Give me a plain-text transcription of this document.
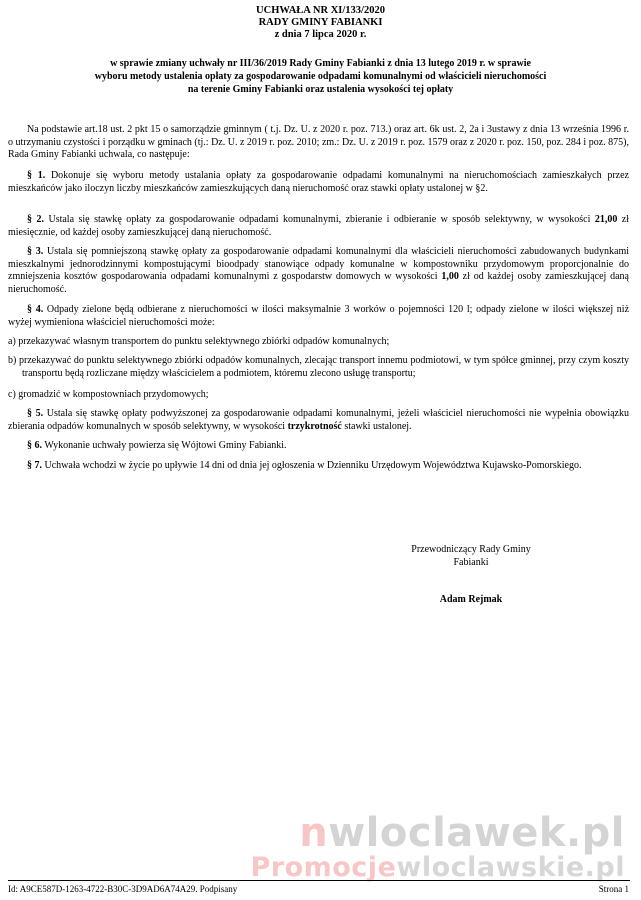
UCHWAŁA NR XI/133/2020
RADY GMINY FABIANKI
z dnia 7 lipca 2020 r.
w sprawie zmiany uchwały nr III/36/2019 Rady Gminy Fabianki z dnia 13 lutego 2019 r. w sprawie
wyboru metody ustalenia opłaty za gospodarowanie odpadami komunalnymi od właścicieli nieruchomości
na terenie Gminy Fabianki oraz ustalenia wysokości tej opłaty
Na podstawie art.18 ust. 2 pkt 15 o samorządzie gminnym ( t.j. Dz. U. z 2020 r. poz. 713.) oraz art. 6k ust. 2, 2a i 3ustawy z dnia 13 września 1996 r. o utrzymaniu czystości i porządku w gminach (tj.: Dz. U. z 2019 r. poz. 2010; zm.: Dz. U. z 2019 r. poz. 1579 oraz z 2020 r. poz. 150, poz. 284 i poz. 875), Rada Gminy Fabianki uchwala, co następuje:
§ 1. Dokonuje się wyboru metody ustalania opłaty za gospodarowanie odpadami komunalnymi na nieruchomościach zamieszkałych przez mieszkańców jako iloczyn liczby mieszkańców zamieszkujących daną nieruchomość oraz stawki opłaty ustalonej w §2.
§ 2. Ustala się stawkę opłaty za gospodarowanie odpadami komunalnymi, zbieranie i odbieranie w sposób selektywny, w wysokości 21,00 zł miesięcznie, od każdej osoby zamieszkującej daną nieruchomość.
§ 3. Ustala się pomniejszoną stawkę opłaty za gospodarowanie odpadami komunalnymi dla właścicieli nieruchomości zabudowanych budynkami mieszkalnymi jednorodzinnymi kompostującymi bioodpady stanowiące odpady komunalne w kompostowniku przydomowym proporcjonalnie do zmniejszenia kosztów gospodarowania odpadami komunalnymi z gospodarstw domowych w wysokości 1,00 zł od każdej osoby zamieszkującej daną nieruchomość.
§ 4. Odpady zielone będą odbierane z nieruchomości w ilości maksymalnie 3 worków o pojemności 120 l; odpady zielone w ilości większej niż wyżej wymieniona właściciel nieruchomości może:
a) przekazywać własnym transportem do punktu selektywnego zbiórki odpadów komunalnych;
b) przekazywać do punktu selektywnego zbiórki odpadów komunalnych, zlecając transport innemu podmiotowi, w tym spółce gminnej, przy czym koszty transportu będą rozliczane między właścicielem a podmiotem, któremu zlecono usługę transportu;
c) gromadzić w kompostowniach przydomowych;
§ 5. Ustala się stawkę opłaty podwyższonej za gospodarowanie odpadami komunalnymi, jeżeli właściciel nieruchomości nie wypełnia obowiązku zbierania odpadów komunalnych w sposób selektywny, w wysokości trzykrotność stawki ustalonej.
§ 6. Wykonanie uchwały powierza się Wójtowi Gminy Fabianki.
§ 7. Uchwała wchodzi w życie po upływie 14 dni od dnia jej ogłoszenia w Dzienniku Urzędowym Województwa Kujawsko-Pomorskiego.
Przewodniczący Rady Gminy
Fabianki
Adam Rejmak
nwloclawek.pl
Promocjewloclawskie.pl
Id: A9CE587D-1263-4722-B30C-3D9AD6A74A29. Podpisany	Strona 1
